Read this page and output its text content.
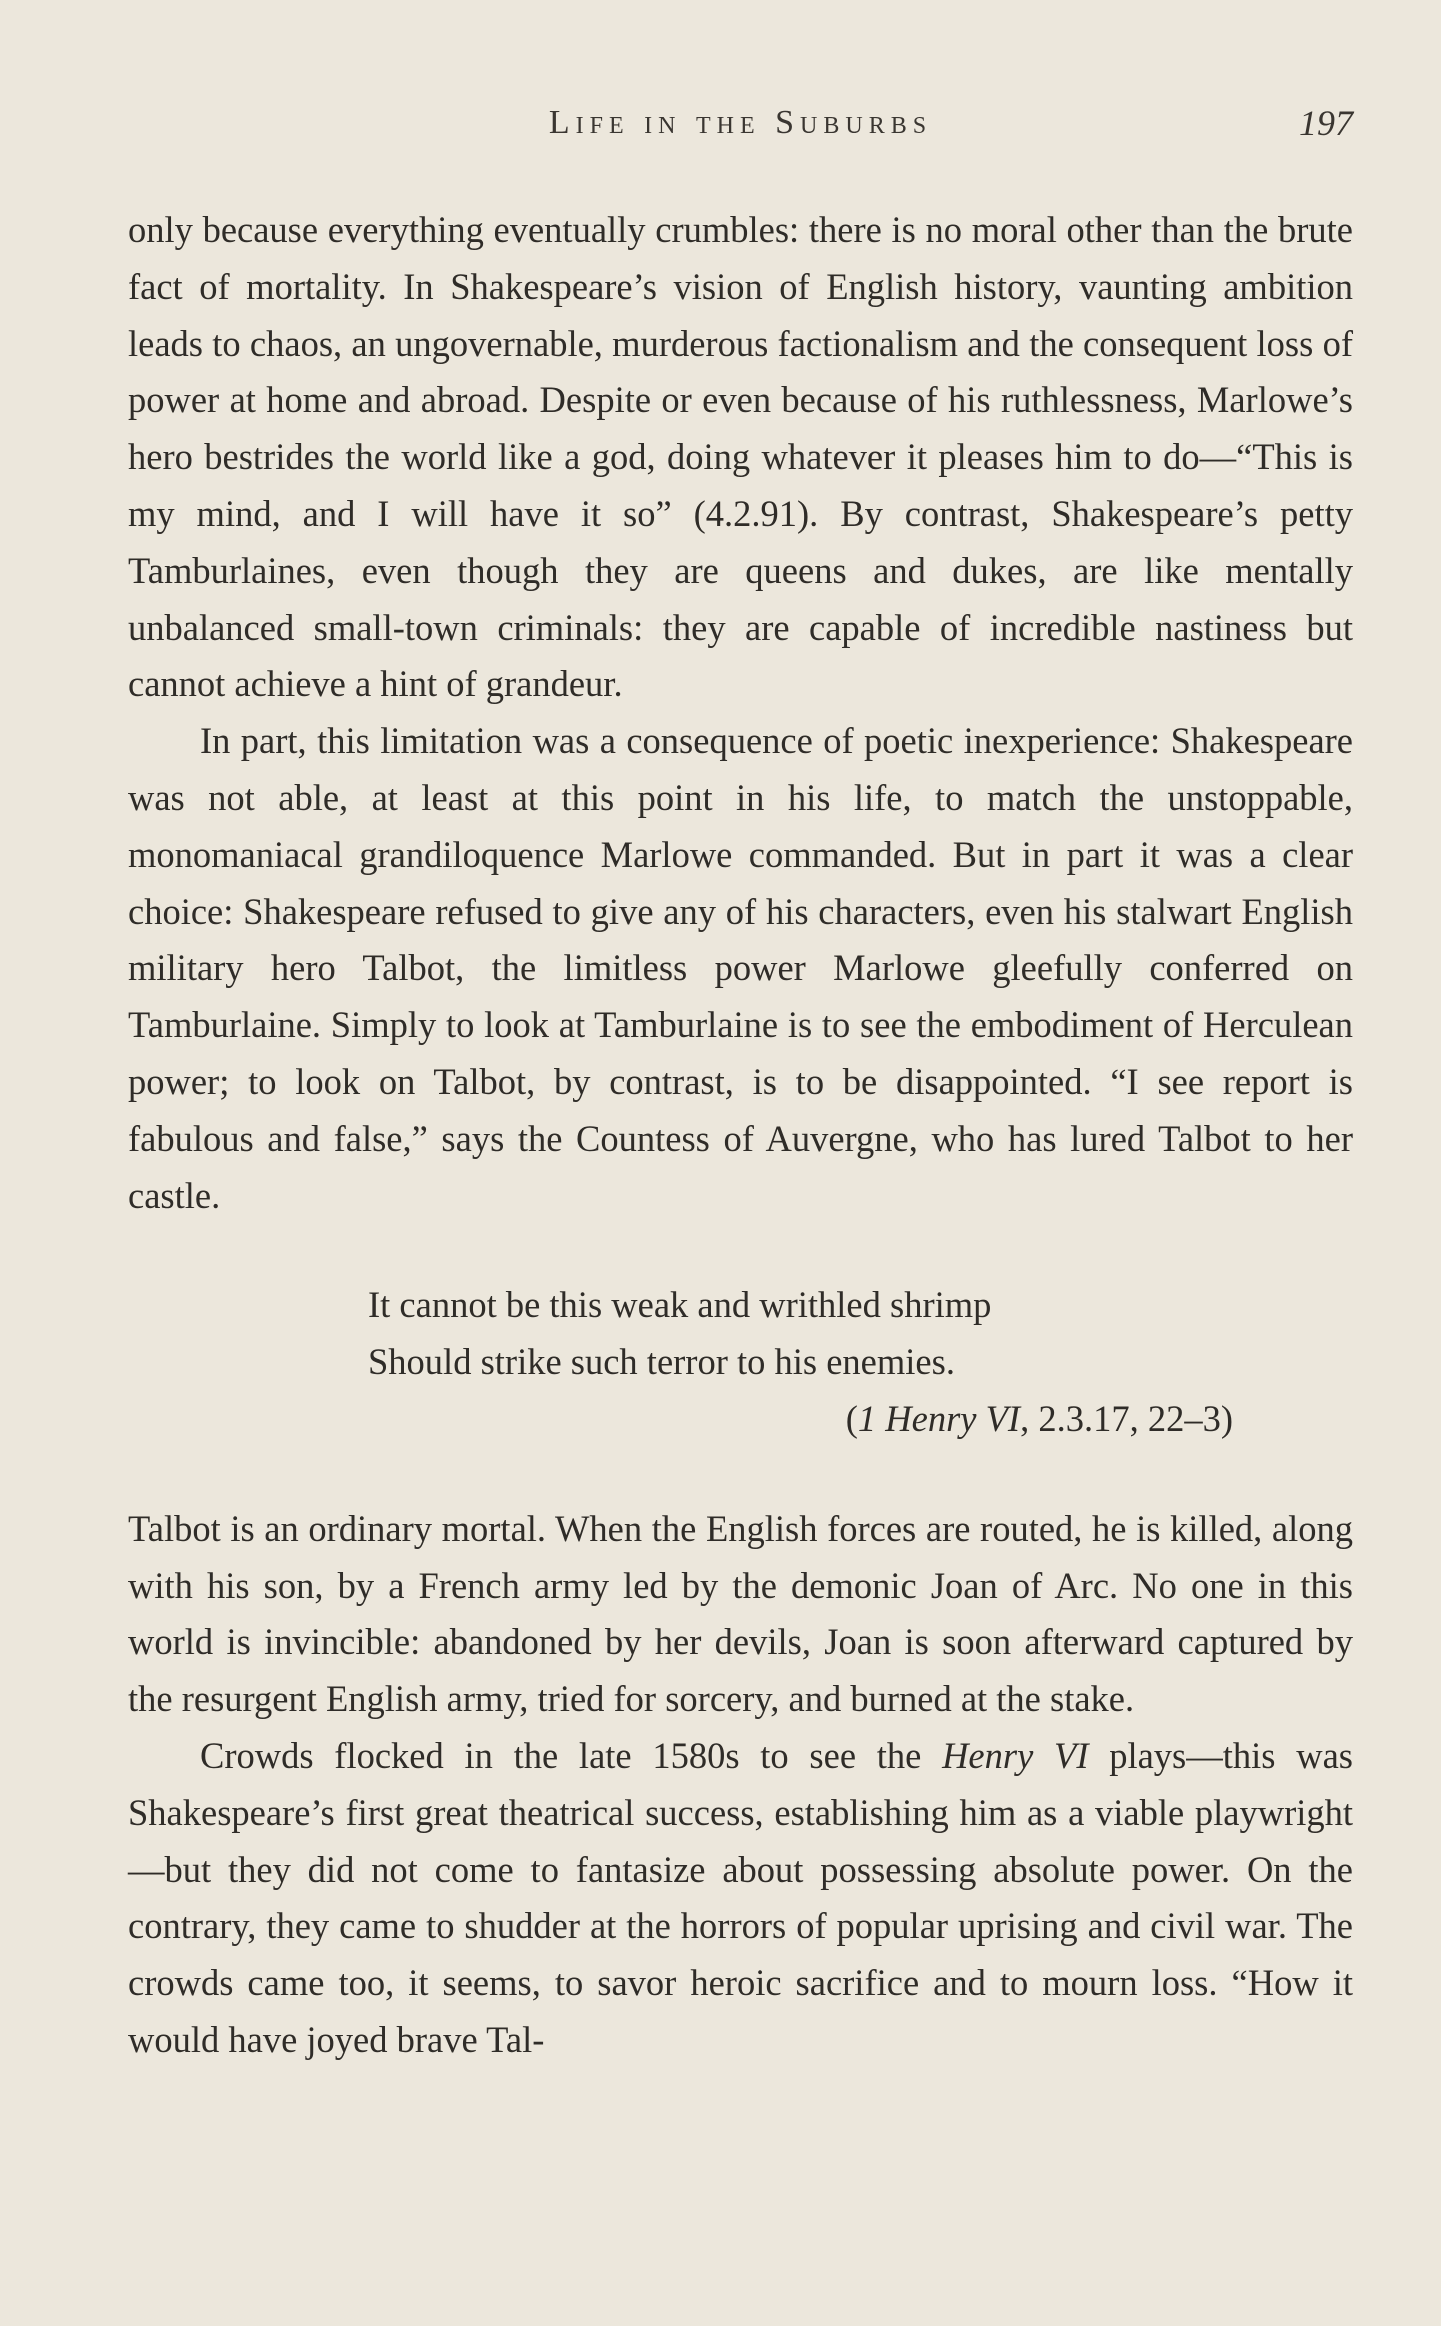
Life in the Suburbs	197

only because everything eventually crumbles: there is no moral other than the brute fact of mortality. In Shakespeare’s vision of English history, vaunting ambition leads to chaos, an ungovernable, murderous factionalism and the consequent loss of power at home and abroad. Despite or even because of his ruthlessness, Marlowe’s hero bestrides the world like a god, doing whatever it pleases him to do—“This is my mind, and I will have it so” (4.2.91). By contrast, Shakespeare’s petty Tamburlaines, even though they are queens and dukes, are like mentally unbalanced small-town criminals: they are capable of incredible nastiness but cannot achieve a hint of grandeur.

In part, this limitation was a consequence of poetic inexperience: Shakespeare was not able, at least at this point in his life, to match the unstoppable, monomaniacal grandiloquence Marlowe commanded. But in part it was a clear choice: Shakespeare refused to give any of his characters, even his stalwart English military hero Talbot, the limitless power Marlowe gleefully conferred on Tamburlaine. Simply to look at Tamburlaine is to see the embodiment of Herculean power; to look on Talbot, by contrast, is to be disappointed. “I see report is fabulous and false,” says the Countess of Auvergne, who has lured Talbot to her castle.

It cannot be this weak and writhled shrimp
Should strike such terror to his enemies.
(1 Henry VI, 2.3.17, 22–3)

Talbot is an ordinary mortal. When the English forces are routed, he is killed, along with his son, by a French army led by the demonic Joan of Arc. No one in this world is invincible: abandoned by her devils, Joan is soon afterward captured by the resurgent English army, tried for sorcery, and burned at the stake.

Crowds flocked in the late 1580s to see the Henry VI plays—this was Shakespeare’s first great theatrical success, establishing him as a viable playwright—but they did not come to fantasize about possessing absolute power. On the contrary, they came to shudder at the horrors of popular uprising and civil war. The crowds came too, it seems, to savor heroic sacrifice and to mourn loss. “How it would have joyed brave Tal-
